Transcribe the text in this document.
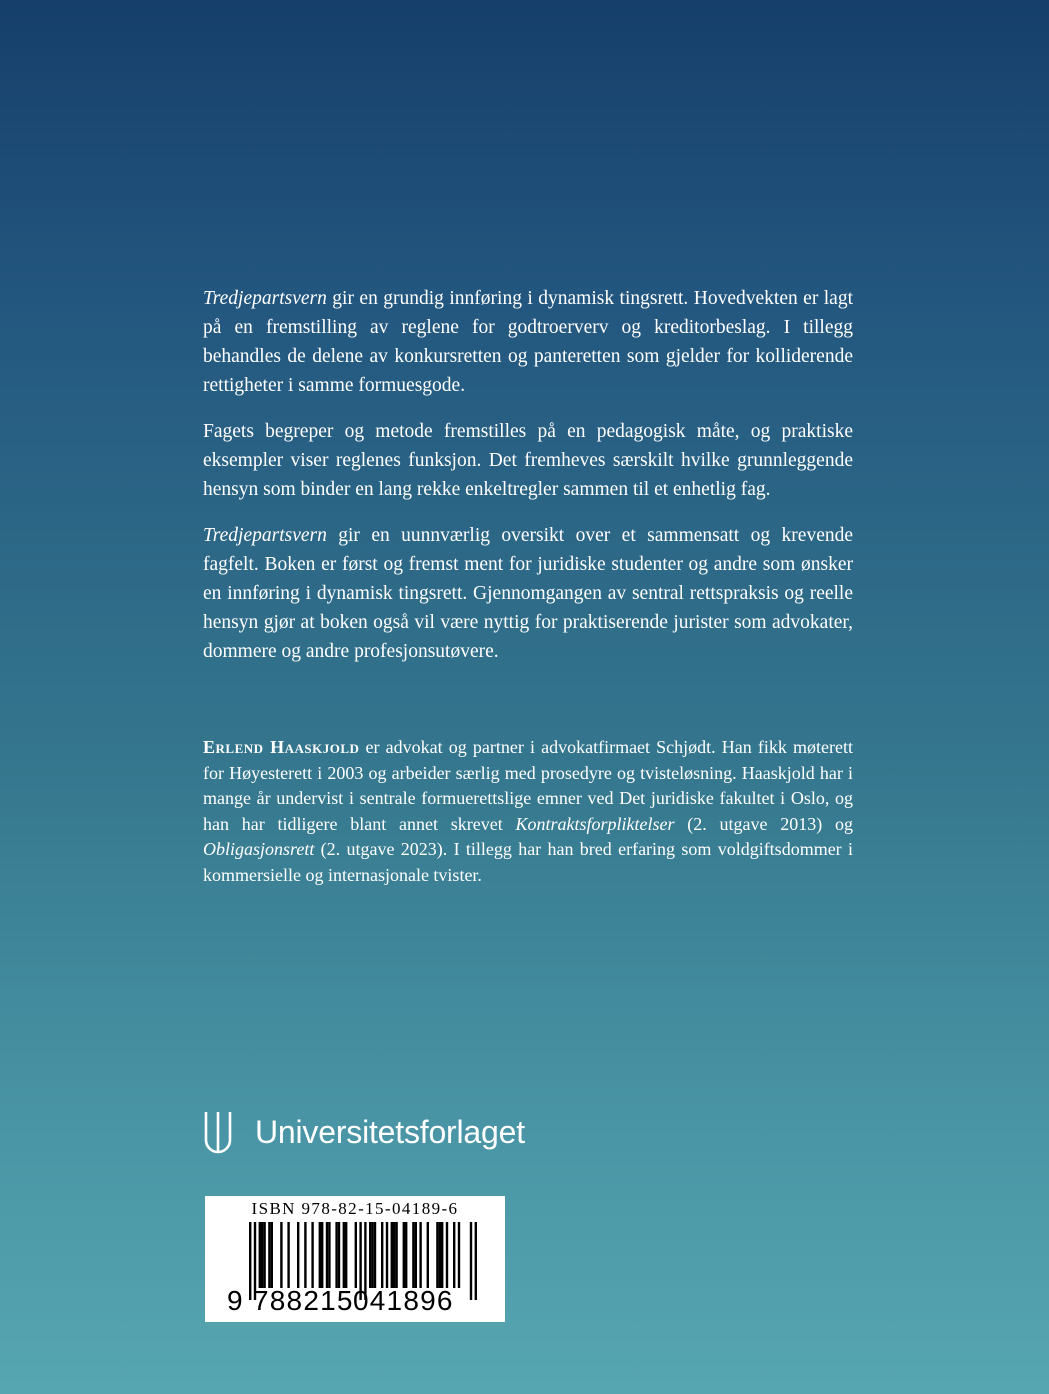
Tredjepartsvern gir en grundig innføring i dynamisk tingsrett. Hovedvekten er lagt på en fremstilling av reglene for godtroerverv og kreditorbeslag. I tillegg behandles de delene av konkursretten og panteretten som gjelder for kolliderende rettigheter i samme formuesgode.

Fagets begreper og metode fremstilles på en pedagogisk måte, og praktiske eksempler viser reglenes funksjon. Det fremheves særskilt hvilke grunnleggende hensyn som binder en lang rekke enkeltregler sammen til et enhetlig fag.

Tredjepartsvern gir en uunnværlig oversikt over et sammensatt og krevende fagfelt. Boken er først og fremst ment for juridiske studenter og andre som ønsker en innføring i dynamisk tingsrett. Gjennomgangen av sentral rettspraksis og reelle hensyn gjør at boken også vil være nyttig for praktiserende jurister som advokater, dommere og andre profesjonsutøvere.

Erlend Haaskjold er advokat og partner i advokatfirmaet Schjødt. Han fikk møterett for Høyesterett i 2003 og arbeider særlig med prosedyre og tvisteløsning. Haaskjold har i mange år undervist i sentrale formuerettslige emner ved Det juridiske fakultet i Oslo, og han har tidligere blant annet skrevet Kontraktsforpliktelser (2. utgave 2013) og Obligasjonsrett (2. utgave 2023). I tillegg har han bred erfaring som voldgiftsdommer i kommersielle og internasjonale tvister.
Universitetsforlaget
ISBN 978-82-15-04189-6
9 788215 041896
